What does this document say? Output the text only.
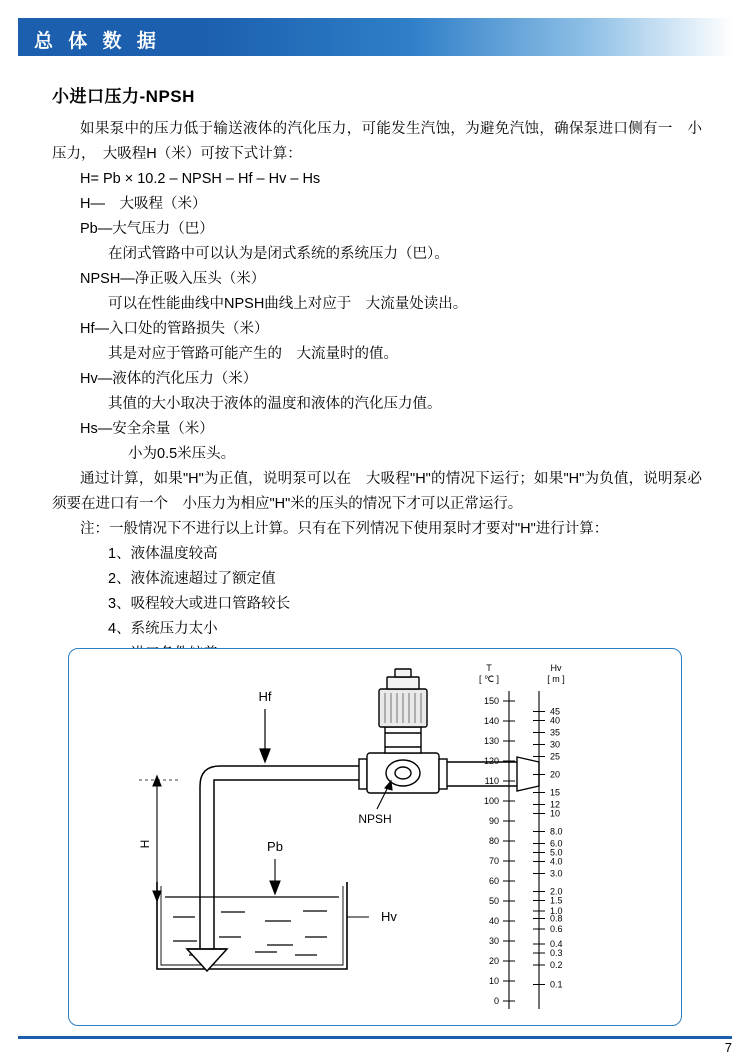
总 体 数 据
小进口压力-NPSH

如果泵中的压力低于输送液体的汽化压力，可能发生汽蚀，为避免汽蚀，确保泵进口侧有一　小压力，　大吸程H（米）可按下式计算：

H= Pb × 10.2 – NPSH – Hf – Hv – Hs

H—　大吸程（米）

Pb—大气压力（巴）

在闭式管路中可以认为是闭式系统的系统压力（巴）。

NPSH—净正吸入压头（米）

可以在性能曲线中NPSH曲线上对应于　大流量处读出。

Hf—入口处的管路损失（米）

其是对应于管路可能产生的　大流量时的值。

Hv—液体的汽化压力（米）

其值的大小取决于液体的温度和液体的汽化压力值。

Hs—安全余量（米）

小为0.5米压头。

通过计算，如果"H"为正值，说明泵可以在　大吸程"H"的情况下运行；如果"H"为负值，说明泵必须要在进口有一个　小压力为相应"H"米的压头的情况下才可以正常运行。

注：一般情况下不进行以上计算。只有在下列情况下使用泵时才要对"H"进行计算：

1、液体温度较高

2、液体流速超过了额定值

3、吸程较大或进口管路较长

4、系统压力太小

H
Hf
NPSH
Pb
Hv
T
[ ℃ ]
Hv
[ m ]
150
140
130
120
110
100
90
80
70
60
50
40
30
20
10
0
45
40
35
30
25
20
15
12
10
8.0
6.0
5.0
4.0
3.0
2.0
1.5
1.0
0.8
0.6
0.4
0.3
0.2
0.1
7
